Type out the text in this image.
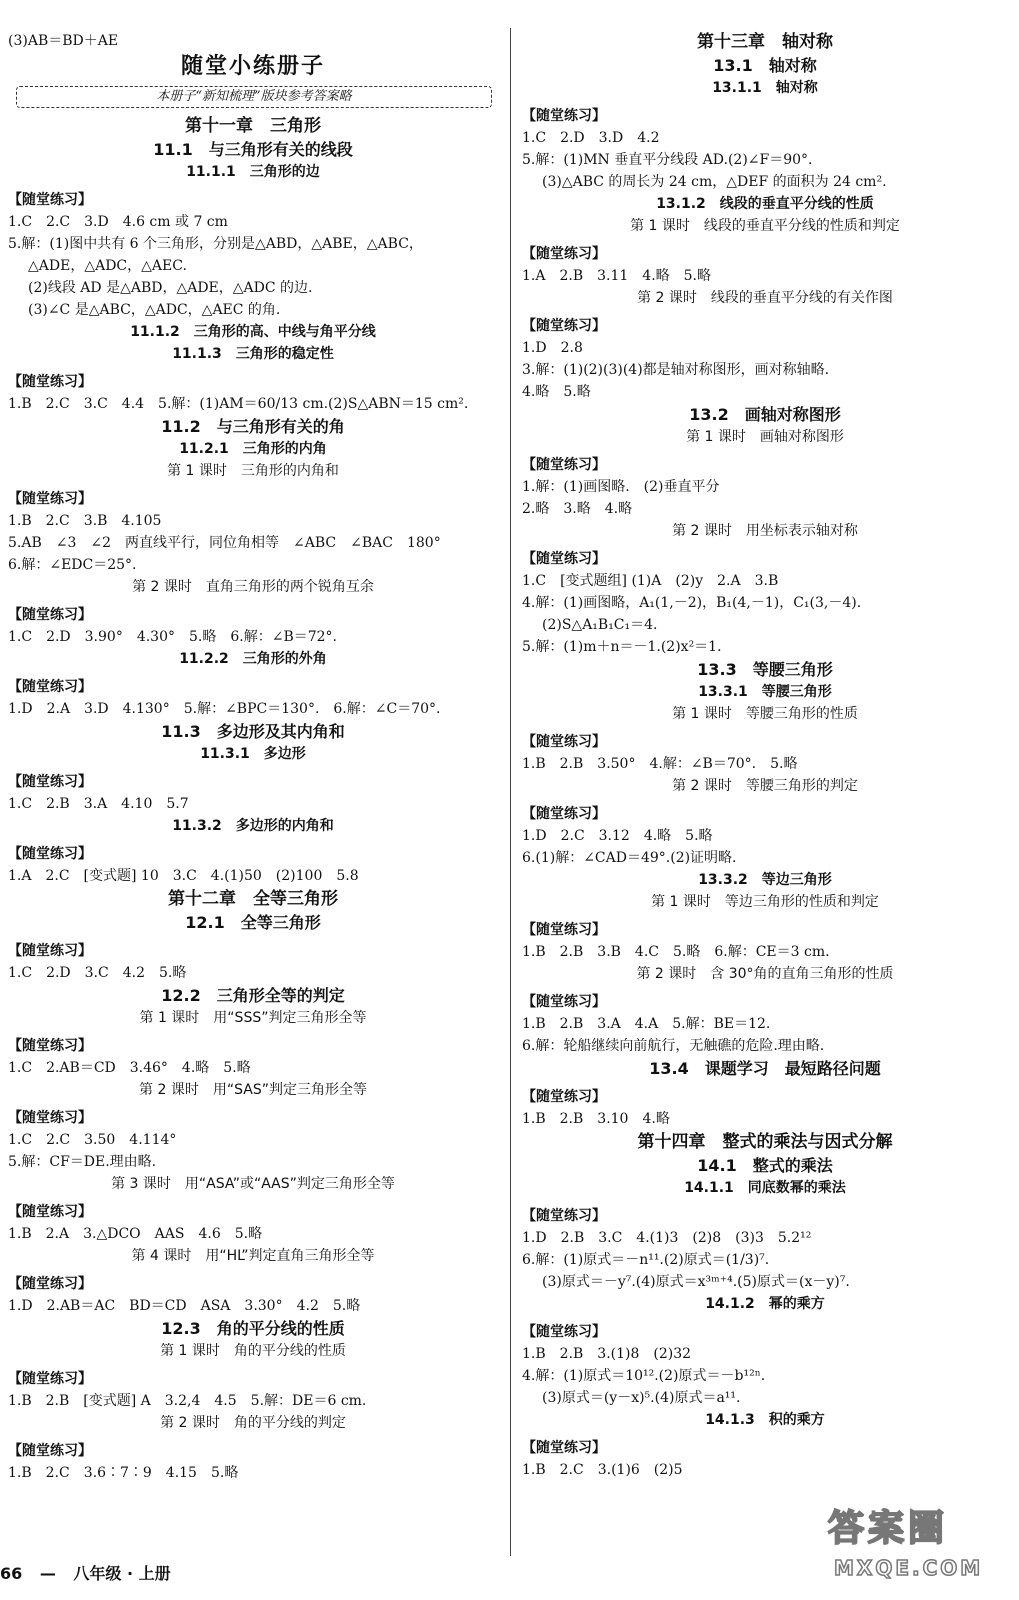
(3)AB＝BD＋AE
随堂小练册子
本册子“新知梳理”版块参考答案略
第十一章　三角形
11.1　与三角形有关的线段
11.1.1　三角形的边
【随堂练习】
1.C　2.C　3.D　4.6 cm 或 7 cm
5.解：(1)图中共有 6 个三角形，分别是△ABD，△ABE，△ABC，
△ADE，△ADC，△AEC.
(2)线段 AD 是△ABD，△ADE，△ADC 的边.
(3)∠C 是△ABC，△ADC，△AEC 的角.
11.1.2　三角形的高、中线与角平分线
11.1.3　三角形的稳定性
【随堂练习】
1.B　2.C　3.C　4.4　5.解：(1)AM＝60/13 cm.(2)S△ABN＝15 cm².
11.2　与三角形有关的角
11.2.1　三角形的内角
第 1 课时　三角形的内角和
【随堂练习】
1.B　2.C　3.B　4.105
5.AB　∠3　∠2　两直线平行，同位角相等　∠ABC　∠BAC　180°
6.解：∠EDC＝25°.
第 2 课时　直角三角形的两个锐角互余
【随堂练习】
1.C　2.D　3.90°　4.30°　5.略　6.解：∠B＝72°.
11.2.2　三角形的外角
【随堂练习】
1.D　2.A　3.D　4.130°　5.解：∠BPC＝130°.　6.解：∠C＝70°.
11.3　多边形及其内角和
11.3.1　多边形
【随堂练习】
1.C　2.B　3.A　4.10　5.7
11.3.2　多边形的内角和
【随堂练习】
1.A　2.C　[变式题] 10　3.C　4.(1)50　(2)100　5.8
第十二章　全等三角形
12.1　全等三角形
【随堂练习】
1.C　2.D　3.C　4.2　5.略
12.2　三角形全等的判定
第 1 课时　用“SSS”判定三角形全等
【随堂练习】
1.C　2.AB＝CD　3.46°　4.略　5.略
第 2 课时　用“SAS”判定三角形全等
【随堂练习】
1.C　2.C　3.50　4.114°
5.解：CF＝DE.理由略.
第 3 课时　用“ASA”或“AAS”判定三角形全等
【随堂练习】
1.B　2.A　3.△DCO　AAS　4.6　5.略
第 4 课时　用“HL”判定直角三角形全等
【随堂练习】
1.D　2.AB＝AC　BD＝CD　ASA　3.30°　4.2　5.略
12.3　角的平分线的性质
第 1 课时　角的平分线的性质
【随堂练习】
1.B　2.B　[变式题] A　3.2,4　4.5　5.解：DE＝6 cm.
第 2 课时　角的平分线的判定
【随堂练习】
1.B　2.C　3.6∶7∶9　4.15　5.略
第十三章　轴对称
13.1　轴对称
13.1.1　轴对称
【随堂练习】
1.C　2.D　3.D　4.2
5.解：(1)MN 垂直平分线段 AD.(2)∠F＝90°.
(3)△ABC 的周长为 24 cm，△DEF 的面积为 24 cm².
13.1.2　线段的垂直平分线的性质
第 1 课时　线段的垂直平分线的性质和判定
【随堂练习】
1.A　2.B　3.11　4.略　5.略
第 2 课时　线段的垂直平分线的有关作图
【随堂练习】
1.D　2.8
3.解：(1)(2)(3)(4)都是轴对称图形，画对称轴略.
4.略　5.略
13.2　画轴对称图形
第 1 课时　画轴对称图形
【随堂练习】
1.解：(1)画图略.　(2)垂直平分
2.略　3.略　4.略
第 2 课时　用坐标表示轴对称
【随堂练习】
1.C　[变式题组] (1)A　(2)y　2.A　3.B
4.解：(1)画图略，A₁(1,－2)，B₁(4,－1)，C₁(3,－4).
(2)S△A₁B₁C₁＝4.
5.解：(1)m＋n＝－1.(2)x²＝1.
13.3　等腰三角形
13.3.1　等腰三角形
第 1 课时　等腰三角形的性质
【随堂练习】
1.B　2.B　3.50°　4.解：∠B＝70°.　5.略
第 2 课时　等腰三角形的判定
【随堂练习】
1.D　2.C　3.12　4.略　5.略
6.(1)解：∠CAD＝49°.(2)证明略.
13.3.2　等边三角形
第 1 课时　等边三角形的性质和判定
【随堂练习】
1.B　2.B　3.B　4.C　5.略　6.解：CE＝3 cm.
第 2 课时　含 30°角的直角三角形的性质
【随堂练习】
1.B　2.B　3.A　4.A　5.解：BE＝12.
6.解：轮船继续向前航行，无触礁的危险.理由略.
13.4　课题学习　最短路径问题
【随堂练习】
1.B　2.B　3.10　4.略
第十四章　整式的乘法与因式分解
14.1　整式的乘法
14.1.1　同底数幂的乘法
【随堂练习】
1.D　2.B　3.C　4.(1)3　(2)8　(3)3　5.2¹²
6.解：(1)原式＝－n¹¹.(2)原式＝(1/3)⁷.
(3)原式＝－y⁷.(4)原式＝x³ᵐ⁺⁴.(5)原式＝(x－y)⁷.
14.1.2　幂的乘方
【随堂练习】
1.B　2.B　3.(1)8　(2)32
4.解：(1)原式＝10¹².(2)原式＝－b¹²ⁿ.
(3)原式＝(y－x)⁵.(4)原式＝a¹¹.
14.1.3　积的乘方
【随堂练习】
1.B　2.C　3.(1)6　(2)5
66 — 八年级 · 上册
答案圈
MXQE.COM
